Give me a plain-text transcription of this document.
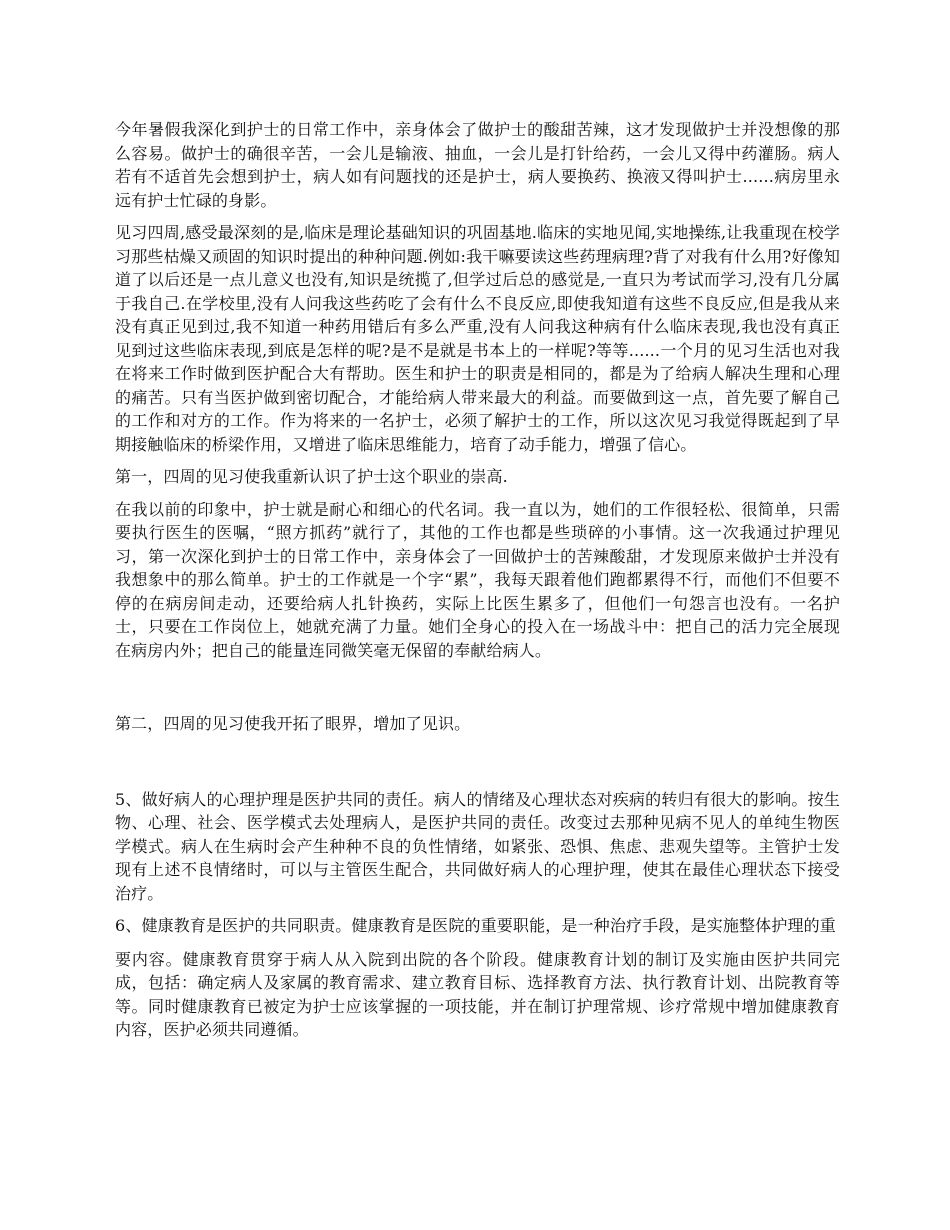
今年暑假我深化到护士的日常工作中，亲身体会了做护士的酸甜苦辣，这才发现做护士并没想像的那么容易。做护士的确很辛苦，一会儿是输液、抽血，一会儿是打针给药，一会儿又得中药灌肠。病人若有不适首先会想到护士，病人如有问题找的还是护士，病人要换药、换液又得叫护士......病房里永远有护士忙碌的身影。

见习四周,感受最深刻的是,临床是理论基础知识的巩固基地.临床的实地见闻,实地操练,让我重现在校学习那些枯燥又顽固的知识时提出的种种问题.例如:我干嘛要读这些药理病理?背了对我有什么用?好像知道了以后还是一点儿意义也没有,知识是统揽了,但学过后总的感觉是,一直只为考试而学习,没有几分属于我自己.在学校里,没有人问我这些药吃了会有什么不良反应,即使我知道有这些不良反应,但是我从来没有真正见到过,我不知道一种药用错后有多么严重,没有人问我这种病有什么临床表现,我也没有真正见到过这些临床表现,到底是怎样的呢?是不是就是书本上的一样呢?等等......一个月的见习生活也对我在将来工作时做到医护配合大有帮助。医生和护士的职责是相同的，都是为了给病人解决生理和心理的痛苦。只有当医护做到密切配合，才能给病人带来最大的利益。而要做到这一点，首先要了解自己的工作和对方的工作。作为将来的一名护士，必须了解护士的工作，所以这次见习我觉得既起到了早期接触临床的桥梁作用，又增进了临床思维能力，培育了动手能力，增强了信心。

第一，四周的见习使我重新认识了护士这个职业的崇高.

在我以前的印象中，护士就是耐心和细心的代名词。我一直以为，她们的工作很轻松、很简单，只需要执行医生的医嘱，“照方抓药”就行了，其他的工作也都是些琐碎的小事情。这一次我通过护理见习，第一次深化到护士的日常工作中，亲身体会了一回做护士的苦辣酸甜，才发现原来做护士并没有我想象中的那么简单。护士的工作就是一个字“累”，我每天跟着他们跑都累得不行，而他们不但要不停的在病房间走动，还要给病人扎针换药，实际上比医生累多了，但他们一句怨言也没有。一名护士，只要在工作岗位上，她就充满了力量。她们全身心的投入在一场战斗中：把自己的活力完全展现在病房内外；把自己的能量连同微笑毫无保留的奉献给病人。

第二，四周的见习使我开拓了眼界，增加了见识。

5、做好病人的心理护理是医护共同的责任。病人的情绪及心理状态对疾病的转归有很大的影响。按生物、心理、社会、医学模式去处理病人，是医护共同的责任。改变过去那种见病不见人的单纯生物医学模式。病人在生病时会产生种种不良的负性情绪，如紧张、恐惧、焦虑、悲观失望等。主管护士发现有上述不良情绪时，可以与主管医生配合，共同做好病人的心理护理，使其在最佳心理状态下接受治疗。

6、健康教育是医护的共同职责。健康教育是医院的重要职能，是一种治疗手段，是实施整体护理的重

要内容。健康教育贯穿于病人从入院到出院的各个阶段。健康教育计划的制订及实施由医护共同完成，包括：确定病人及家属的教育需求、建立教育目标、选择教育方法、执行教育计划、出院教育等等。同时健康教育已被定为护士应该掌握的一项技能，并在制订护理常规、诊疗常规中增加健康教育内容，医护必须共同遵循。
